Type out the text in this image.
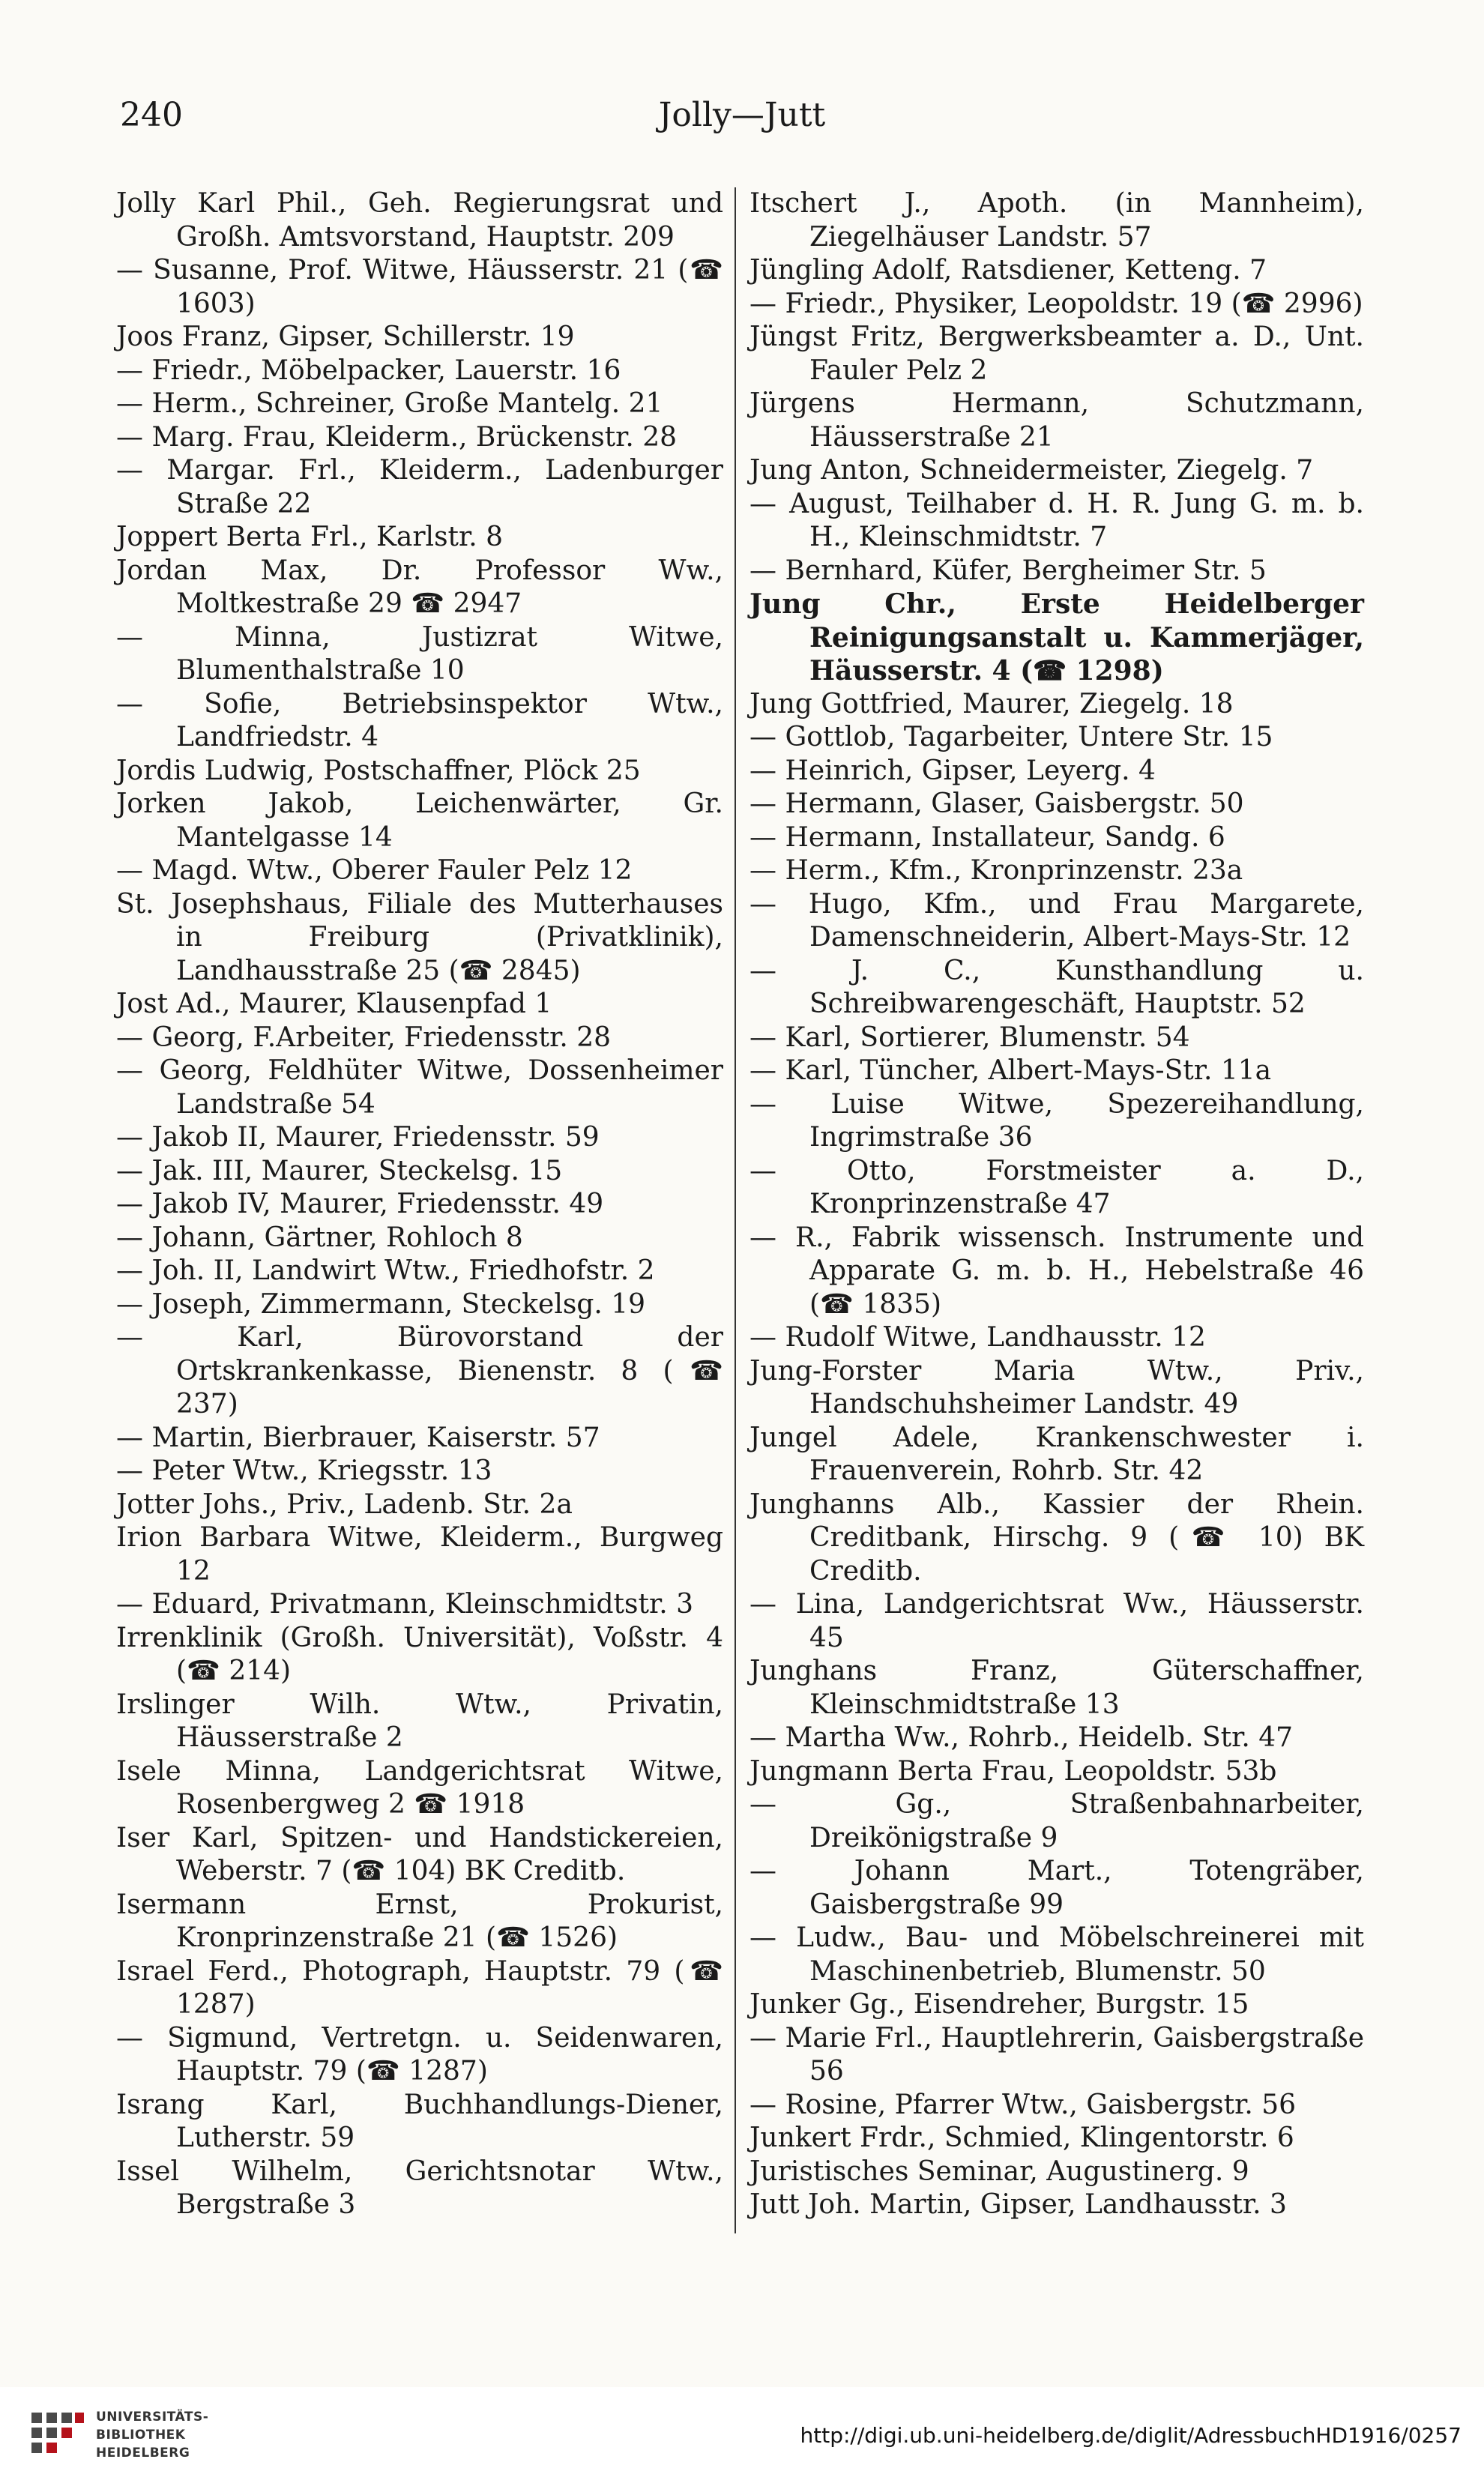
240	Jolly—Jutt

Jolly Karl Phil., Geh. Regierungsrat und Großh. Amtsvorstand, Hauptstr. 209

— Susanne, Prof. Witwe, Häusserstr. 21 (☎ 1603)

Joos Franz, Gipser, Schillerstr. 19

— Friedr., Möbelpacker, Lauerstr. 16

— Herm., Schreiner, Große Mantelg. 21

— Marg. Frau, Kleiderm., Brückenstr. 28

— Margar. Frl., Kleiderm., Ladenburger Straße 22

Joppert Berta Frl., Karlstr. 8

Jordan Max, Dr. Professor Ww., Moltkestraße 29 ☎ 2947

— Minna, Justizrat Witwe, Blumenthalstraße 10

— Sofie, Betriebsinspektor Wtw., Landfriedstr. 4

Jordis Ludwig, Postschaffner, Plöck 25

Jorken Jakob, Leichenwärter, Gr. Mantelgasse 14

— Magd. Wtw., Oberer Fauler Pelz 12

St. Josephshaus, Filiale des Mutterhauses in Freiburg (Privatklinik), Landhausstraße 25 (☎ 2845)

Jost Ad., Maurer, Klausenpfad 1

— Georg, F.Arbeiter, Friedensstr. 28

— Georg, Feldhüter Witwe, Dossenheimer Landstraße 54

— Jakob II, Maurer, Friedensstr. 59

— Jak. III, Maurer, Steckelsg. 15

— Jakob IV, Maurer, Friedensstr. 49

— Johann, Gärtner, Rohloch 8

— Joh. II, Landwirt Wtw., Friedhofstr. 2

— Joseph, Zimmermann, Steckelsg. 19

— Karl, Bürovorstand der Ortskrankenkasse, Bienenstr. 8 (☎ 237)

— Martin, Bierbrauer, Kaiserstr. 57

— Peter Wtw., Kriegsstr. 13

Jotter Johs., Priv., Ladenb. Str. 2a

Irion Barbara Witwe, Kleiderm., Burgweg 12

— Eduard, Privatmann, Kleinschmidtstr. 3

Irrenklinik (Großh. Universität), Voßstr. 4 (☎ 214)

Irslinger Wilh. Wtw., Privatin, Häusserstraße 2

Isele Minna, Landgerichtsrat Witwe, Rosenbergweg 2 ☎ 1918

Iser Karl, Spitzen- und Handstickereien, Weberstr. 7 (☎ 104) BK Creditb.

Isermann Ernst, Prokurist, Kronprinzenstraße 21 (☎ 1526)

Israel Ferd., Photograph, Hauptstr. 79 (☎ 1287)

— Sigmund, Vertretgn. u. Seidenwaren, Hauptstr. 79 (☎ 1287)

Israng Karl, Buchhandlungs-Diener, Lutherstr. 59

Issel Wilhelm, Gerichtsnotar Wtw., Bergstraße 3

Itschert J., Apoth. (in Mannheim), Ziegelhäuser Landstr. 57

Jüngling Adolf, Ratsdiener, Ketteng. 7

— Friedr., Physiker, Leopoldstr. 19 (☎ 2996)

Jüngst Fritz, Bergwerksbeamter a. D., Unt. Fauler Pelz 2

Jürgens Hermann, Schutzmann, Häusserstraße 21

Jung Anton, Schneidermeister, Ziegelg. 7

— August, Teilhaber d. H. R. Jung G. m. b. H., Kleinschmidtstr. 7

— Bernhard, Küfer, Bergheimer Str. 5

Jung Chr., Erste Heidelberger Reinigungsanstalt u. Kammerjäger, Häusserstr. 4 (☎ 1298)

Jung Gottfried, Maurer, Ziegelg. 18

— Gottlob, Tagarbeiter, Untere Str. 15

— Heinrich, Gipser, Leyerg. 4

— Hermann, Glaser, Gaisbergstr. 50

— Hermann, Installateur, Sandg. 6

— Herm., Kfm., Kronprinzenstr. 23a

— Hugo, Kfm., und Frau Margarete, Damenschneiderin, Albert-Mays-Str. 12

— J. C., Kunsthandlung u. Schreibwarengeschäft, Hauptstr. 52

— Karl, Sortierer, Blumenstr. 54

— Karl, Tüncher, Albert-Mays-Str. 11a

— Luise Witwe, Spezereihandlung, Ingrimstraße 36

— Otto, Forstmeister a. D., Kronprinzenstraße 47

— R., Fabrik wissensch. Instrumente und Apparate G. m. b. H., Hebelstraße 46 (☎ 1835)

— Rudolf Witwe, Landhausstr. 12

Jung-Forster Maria Wtw., Priv., Handschuhsheimer Landstr. 49

Jungel Adele, Krankenschwester i. Frauenverein, Rohrb. Str. 42

Junghanns Alb., Kassier der Rhein. Creditbank, Hirschg. 9 (☎ 10) BK Creditb.

— Lina, Landgerichtsrat Ww., Häusserstr. 45

Junghans Franz, Güterschaffner, Kleinschmidtstraße 13

— Martha Ww., Rohrb., Heidelb. Str. 47

Jungmann Berta Frau, Leopoldstr. 53b

— Gg., Straßenbahnarbeiter, Dreikönigstraße 9

— Johann Mart., Totengräber, Gaisbergstraße 99

— Ludw., Bau- und Möbelschreinerei mit Maschinenbetrieb, Blumenstr. 50

Junker Gg., Eisendreher, Burgstr. 15

— Marie Frl., Hauptlehrerin, Gaisbergstraße 56

— Rosine, Pfarrer Wtw., Gaisbergstr. 56

Junkert Frdr., Schmied, Klingentorstr. 6

Juristisches Seminar, Augustinerg. 9

Jutt Joh. Martin, Gipser, Landhausstr. 3

UNIVERSITÄTS-
BIBLIOTHEK
HEIDELBERG
http://digi.ub.uni-heidelberg.de/diglit/AdressbuchHD1916/0257
